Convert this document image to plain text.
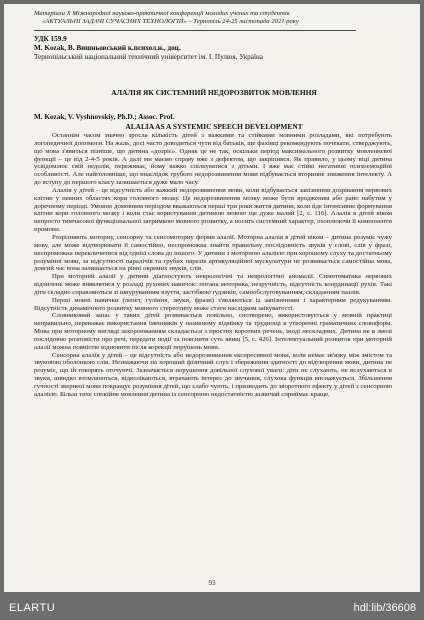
Матеріали Х Міжнародної науково-практичної конференції молодих учених та студентів
«АКТУАЛЬНІ ЗАДАЧІ СУЧАСНИХ ТЕХНОЛОГІЙ» – Тернопіль 24-25 листопада 2021 року
УДК 159.9
М. Kozak, В. Вишньовський к.психол.н., доц.
Тернопільський національний технічний університет ім. І. Пулюя, Україна
АЛАЛІЯ ЯК СИСТЕМНИЙ НЕДОРОЗВИТОК МОВЛЕННЯ
M. Kozak, V. Vyshnovskiy, Ph.D.; Assoc. Prof.
ALALIA AS A SYSTEMIC SPEECH DEVELOPMENT

Останнім часом значно зросла кількість дітей з важкими та стійкими мовними розладами, які потребують логопедичної допомоги. На жаль, досі часто доводиться чути від батьків, ще фахівці рекомендують почекати, стверджують, що мова з'явиться пізніше, що дитина «дозріє». Однак це не так, оскільки період максимального розвитку мовленнєвої функції – це від 2-4-5 років. А далі ми маємо справу вже з дефектом, що закріпився. Як правило, у цьому віці дитина усвідомлює свій недолік, переживає, йому важко спілкуватися з дітьми. І вже має стійкі негативні психоемоційні особливості. Але найголовніше, що внаслідок грубого недорозвинення мови відбувається вторинне зниження інтелекту. А до вступу до першого класу залишається дуже мало часу.

Алалія у дітей – це відсутність або важкий недорозвинення мови, коли відбувається запізнення дозрівання нервових клітин у певних областях кори головного мозку. Це недорозвинення мозку може бути вродженим або рано набутим у доречному періоді. Умовно домовним періодом вважаються перші три роки життя дитини, коли йде інтенсивне формування клітин кори головного мозку і коли стає користування дитиною мовою ще дуже малий [2, с. 116]. Алалія в дітей віком непросто тимчасової функціональної затримкою мовного розвитку, а носить системний характер, охоплюючи її компоненти промови.

Розрізняють моторну, сенсорну та сенсомоторну форми алалії. Моторна алалія в дітей віком – дитина розуміє чужу мову, але може відтворювати її самостійно, неспроможна знайти правильну послідовність звуків у слові, слів у фразі, неспроможна перекличитися від однієї слова до іншого. У дитини з моторною алалією при хорошому слуху та достатньому розумінні мови, за відсутності паралічів та грубих парезів артикуляційної мускулатури не розвивається самостійна мова, довгий час вона залишається на рівні окремих звуків, слів.

При моторній алалії у дитини діагностують неврологічні та неврологічні аномалії. Симптоматика нервових відхилень може виявлятися у розладі рухових навичок: погана моторика, незручність, відсутність координації рухів. Такі діти складно справляються зі шнуруванням взуття, застібкою ґудзиків, самообслуговуванням, складанням пазлів.

Перші мовні навички (лепет, гуління, звуки, фрази) з'являються із запізненням і характерним редукуванням. Відсутність динамічного розвитку мовного стереотипу може стати наслідком заїкуватості.

Словниковий запас у таких дітей розвивається повільно, спотворено, використовується у мовній практиці неправильно, переважає використання іменників у називному відмінку та труднощі в утворенні граматичних словоформ. Мова при моторному виглядi захороюванням складається з простих коротких речень, іноді нескладних. Дитина не в змозі послідовно розповісти про речі, передати події та пояснити суть явищ [5, с. 426]. Інтелектуальний розвиток при моторній алалії можна повністю відновити після корекції порушень мови.

Сенсорна алалія у дітей – це відсутність або недорозвинення експресивної мови, коли немає зв'язку між змістом та звуковою оболонкою слів. Незважаючи на хороший фізичний слух і збереження здатності до відтворення мови, дитина не розуміє, що їй говорять оточуючі. Зазначається порушення довільної слухової уваги: діти не слухають, не вслухаються в звуки, швидко втомлюються, відволікаються, втрачають інтерес до звучання, слухова функція виснажується. Збільшення гучності звернеої мови покращує розуміння дітей, що слабо чують, і призводить до зворотного ефекту у дітей з сенсорною алалією. Більш тихе спокійне мовлення дитина із сенсорною недостатністю зазвичай сприймає краще,

93
ELARTU	hdl:lib/36608
